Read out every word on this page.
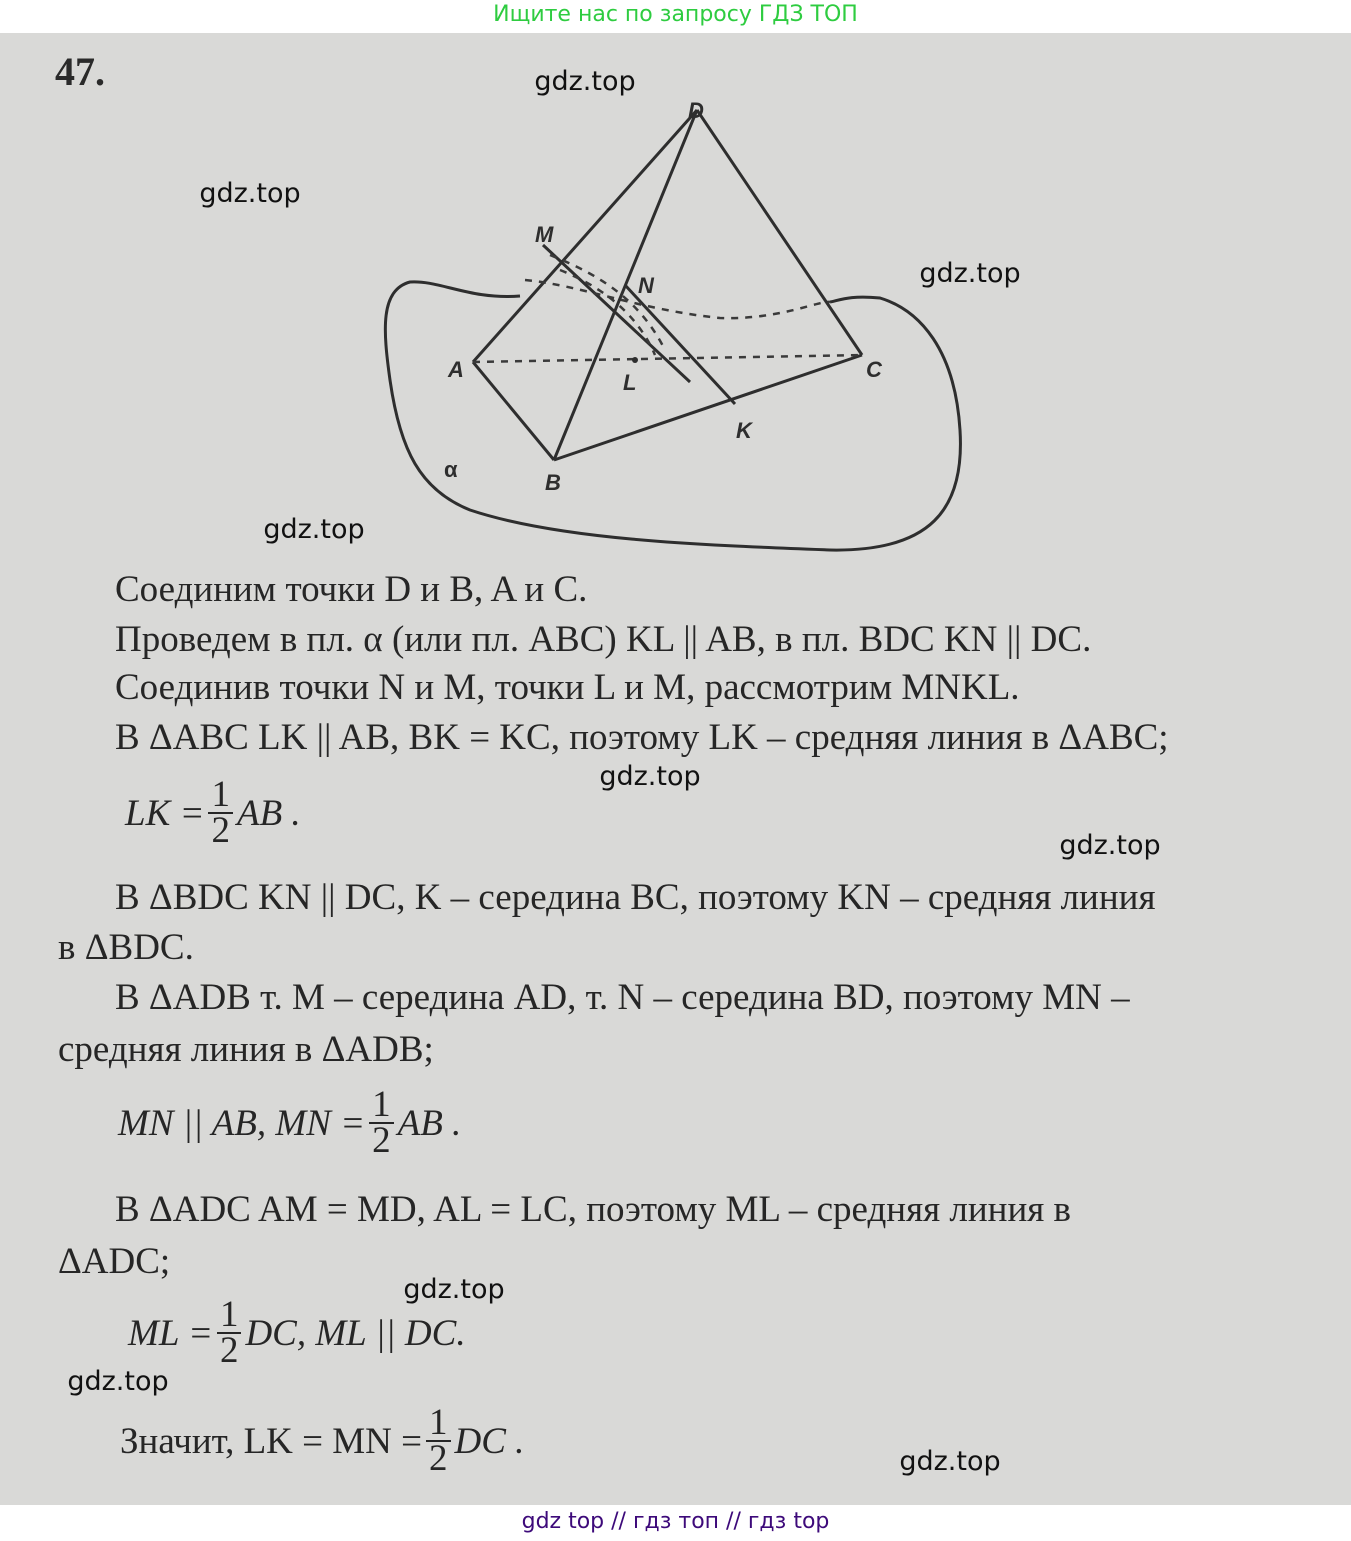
Ищите нас по запросу ГДЗ ТОП
47.
D
M
N
A
L
C
K
B
α
Соединим точки D и B, A и C.
Проведем в пл. α (или пл. ABC) KL || AB, в пл. BDC KN || DC.
Соединив точки N и M, точки L и M, рассмотрим MNKL.
В ΔABC LK || AB, BK = KC, поэтому LK – средняя линия в ΔABC;
LK = $\frac{1}{2}$ AB .
В ΔBDC KN || DC, K – середина BC, поэтому KN – средняя линия
в ΔBDC.
В ΔADB т. M – середина AD, т. N – середина BD, поэтому MN –
средняя линия в ΔADB;
MN || AB, MN = $\frac{1}{2}$ AB .
В ΔADC AM = MD, AL = LC, поэтому ML – средняя линия в
ΔADC;
ML = $\frac{1}{2}$ DC, ML || DC.
Значит, LK = MN = $\frac{1}{2}$ DC .
gdz.top
gdz.top
gdz.top
gdz.top
gdz.top
gdz.top
gdz.top
gdz.top
gdz.top
gdz top // гдз топ // гдз top
